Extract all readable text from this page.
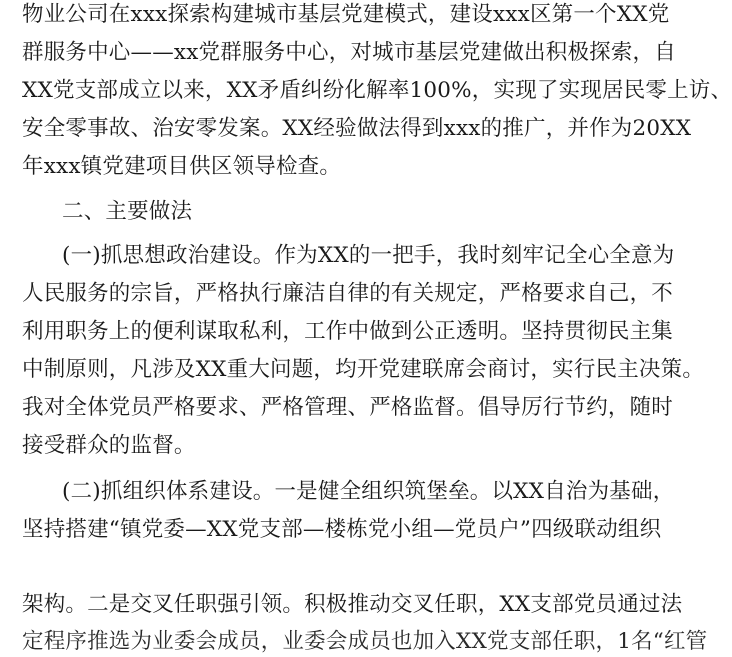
物业公司在xxx探索构建城市基层党建模式，建设xxx区第一个XX党
群服务中心——xx党群服务中心，对城市基层党建做出积极探索，自
XX党支部成立以来，XX矛盾纠纷化解率100%，实现了实现居民零上访、
安全零事故、治安零发案。XX经验做法得到xxx的推广，并作为20XX
年xxx镇党建项目供区领导检查。
二、主要做法
(一)抓思想政治建设。作为XX的一把手，我时刻牢记全心全意为
人民服务的宗旨，严格执行廉洁自律的有关规定，严格要求自己，不
利用职务上的便利谋取私利，工作中做到公正透明。坚持贯彻民主集
中制原则，凡涉及XX重大问题，均开党建联席会商讨，实行民主决策。
我对全体党员严格要求、严格管理、严格监督。倡导厉行节约，随时
接受群众的监督。
(二)抓组织体系建设。一是健全组织筑堡垒。以XX自治为基础，
坚持搭建“镇党委—XX党支部—楼栋党小组—党员户”四级联动组织
架构。二是交叉任职强引领。积极推动交叉任职，XX支部党员通过法
定程序推选为业委会成员，业委会成员也加入XX党支部任职，1名“红管
